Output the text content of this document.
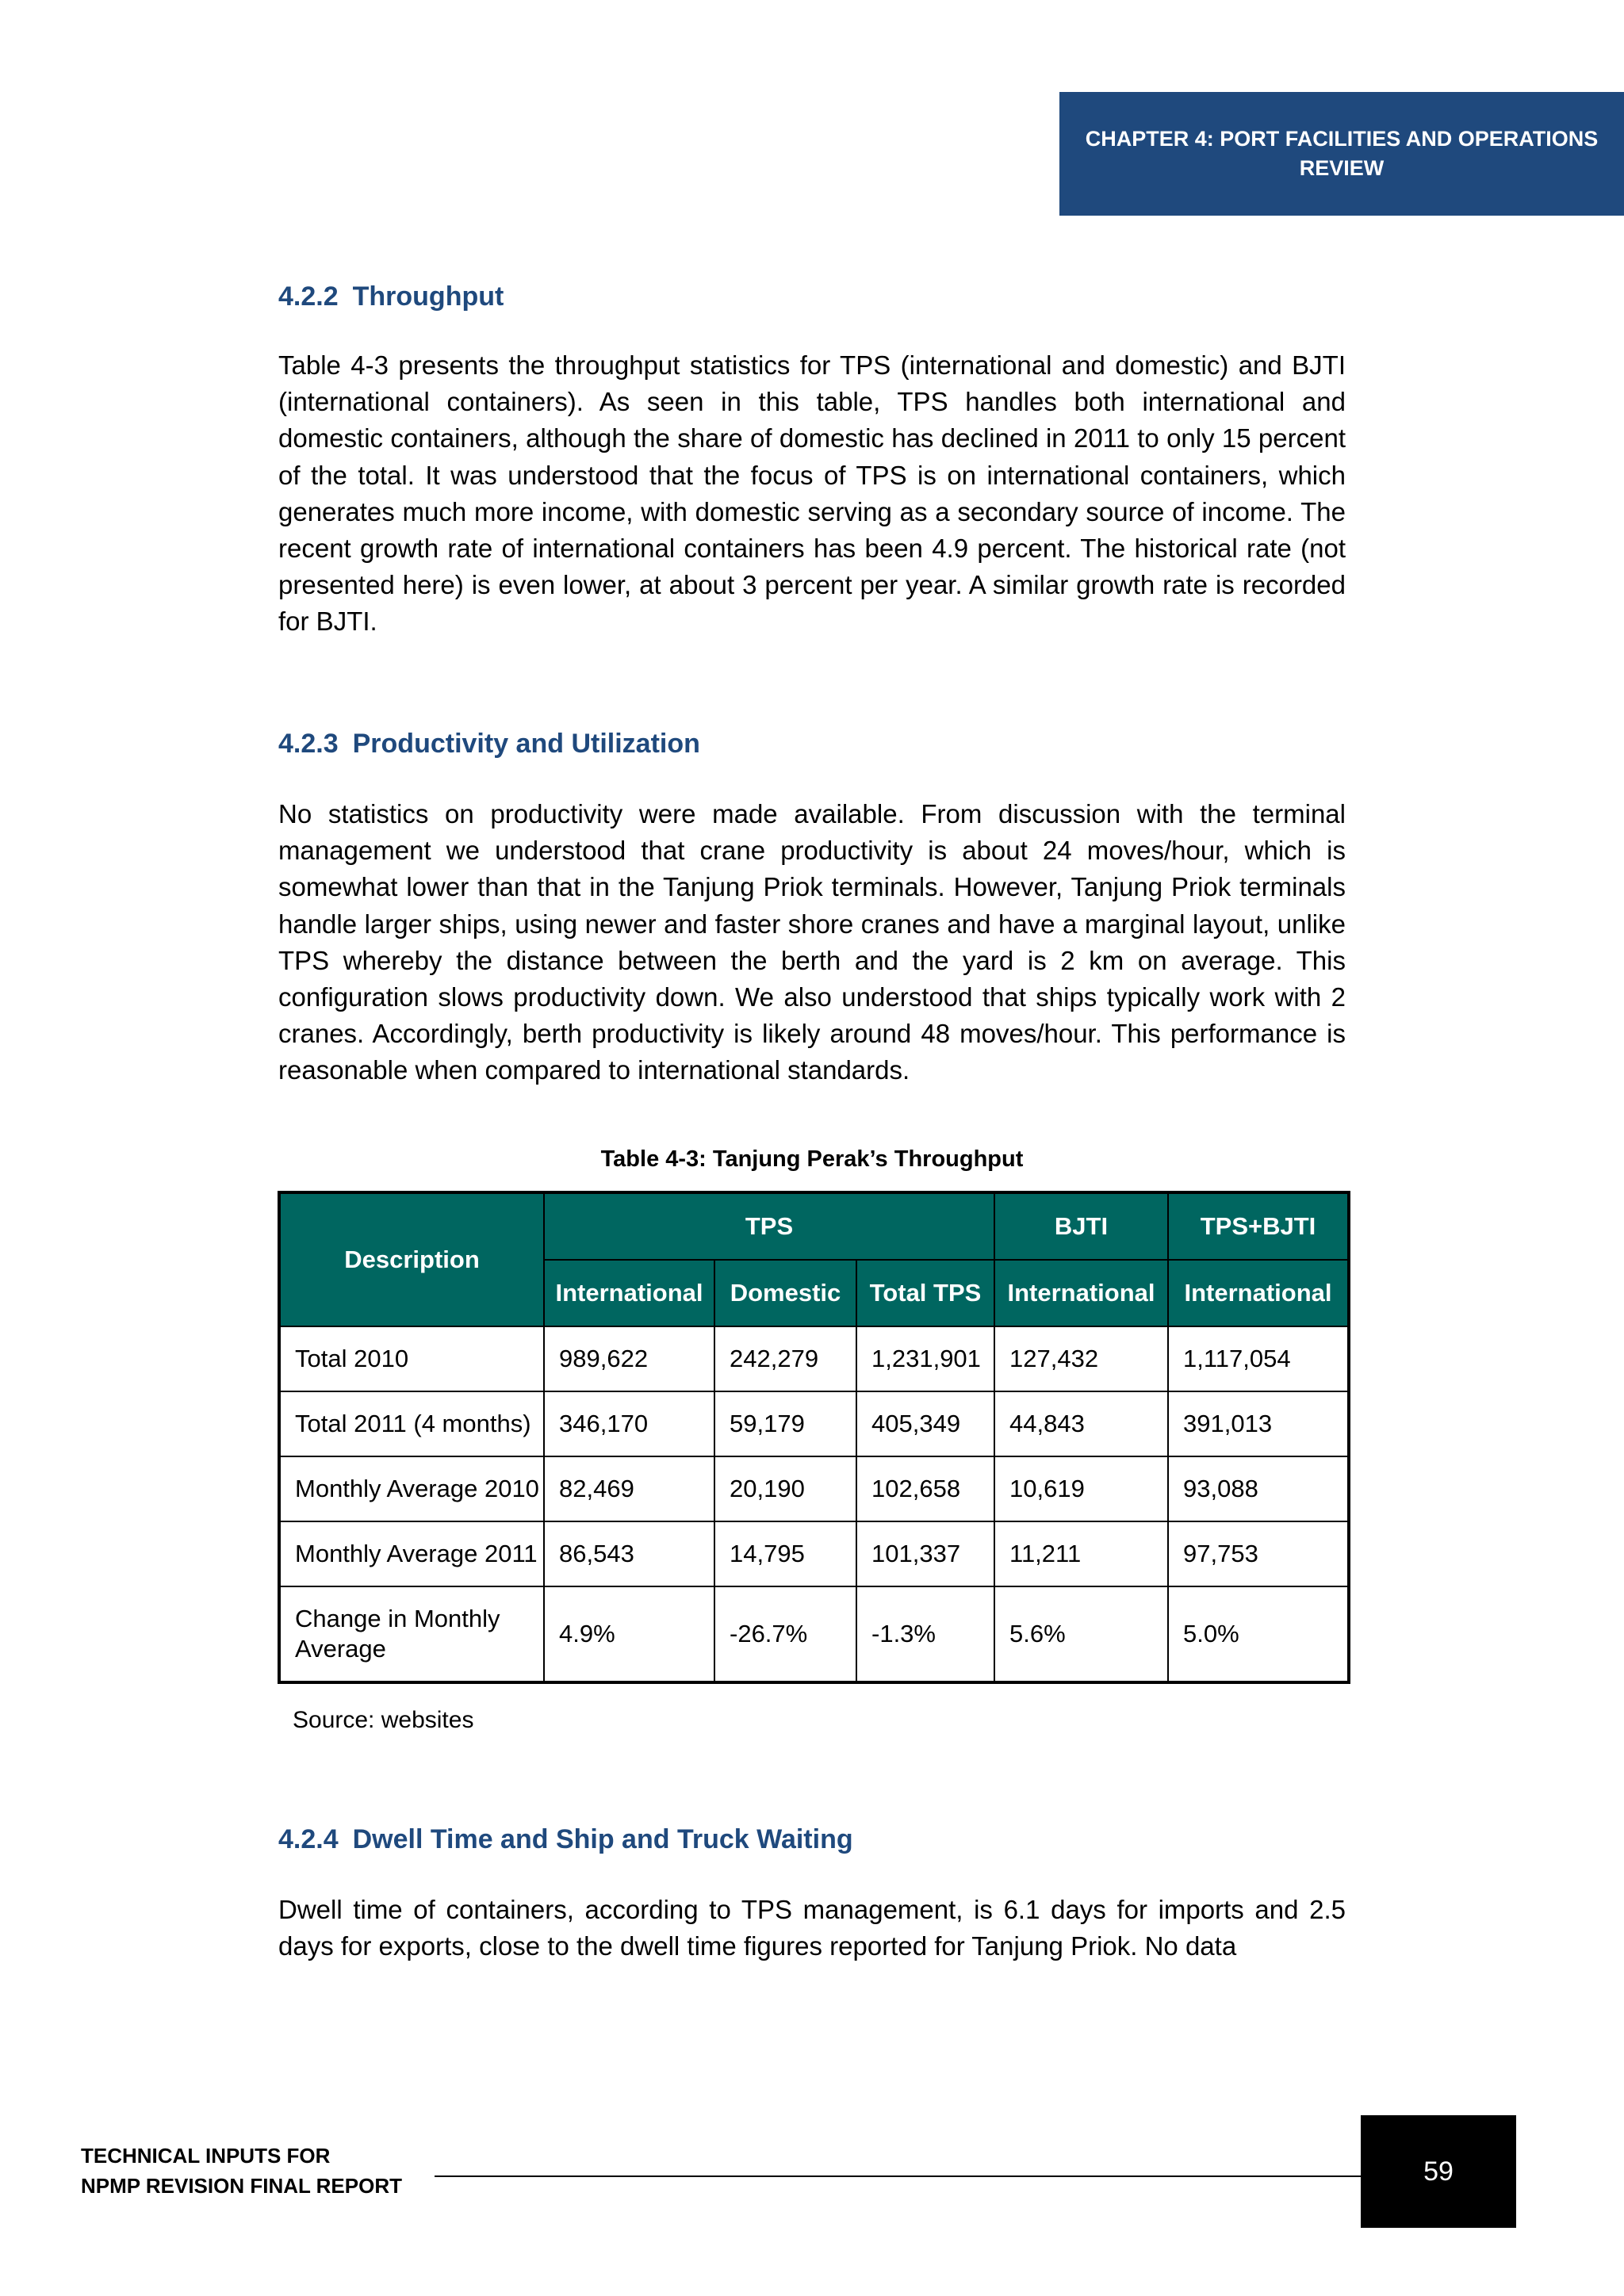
CHAPTER 4: PORT FACILITIES AND OPERATIONS
REVIEW
4.2.2 Throughput
Table 4-3 presents the throughput statistics for TPS (international and domestic) and BJTI (international containers). As seen in this table, TPS handles both international and domestic containers, although the share of domestic has declined in 2011 to only 15 percent of the total. It was understood that the focus of TPS is on international containers, which generates much more income, with domestic serving as a secondary source of income. The recent growth rate of international containers has been 4.9 percent. The historical rate (not presented here) is even lower, at about 3 percent per year. A similar growth rate is recorded for BJTI.
4.2.3 Productivity and Utilization
No statistics on productivity were made available. From discussion with the terminal management we understood that crane productivity is about 24 moves/hour, which is somewhat lower than that in the Tanjung Priok terminals. However, Tanjung Priok terminals handle larger ships, using newer and faster shore cranes and have a marginal layout, unlike TPS whereby the distance between the berth and the yard is 2 km on average. This configuration slows productivity down. We also understood that ships typically work with 2 cranes. Accordingly, berth productivity is likely around 48 moves/hour. This performance is reasonable when compared to international standards.
Table 4-3: Tanjung Perak’s Throughput
Description	TPS			BJTI	TPS+BJTI
	International	Domestic	Total TPS	International	International
Total 2010	989,622	242,279	1,231,901	127,432	1,117,054
Total 2011 (4 months)	346,170	59,179	405,349	44,843	391,013
Monthly Average 2010	82,469	20,190	102,658	10,619	93,088
Monthly Average 2011	86,543	14,795	101,337	11,211	97,753
Change in Monthly Average	4.9%	-26.7%	-1.3%	5.6%	5.0%
Source: websites
4.2.4 Dwell Time and Ship and Truck Waiting
Dwell time of containers, according to TPS management, is 6.1 days for imports and 2.5 days for exports, close to the dwell time figures reported for Tanjung Priok. No data
TECHNICAL INPUTS FOR
NPMP REVISION FINAL REPORT	59
